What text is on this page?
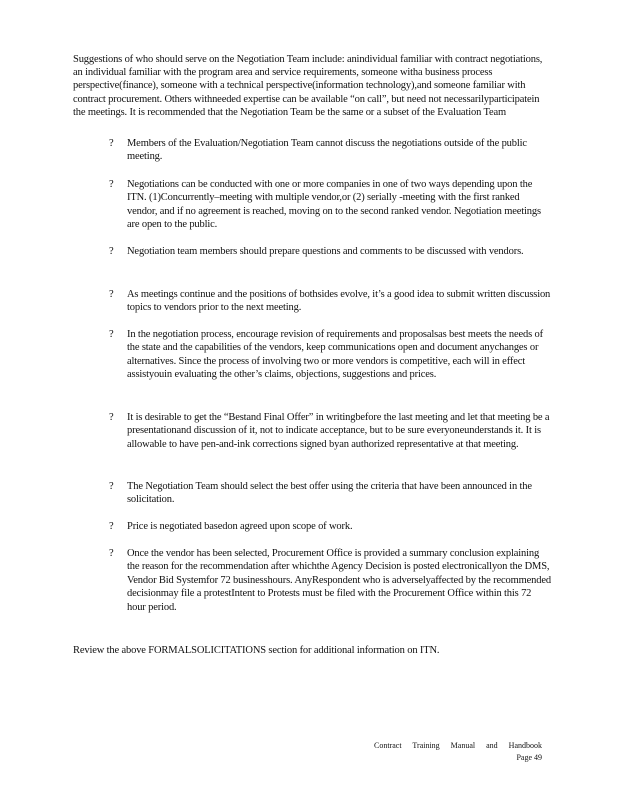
Suggestions of who should serve on the Negotiation Team include: anindividual familiar with contract negotiations, an individual familiar with the program area and service requirements, someone witha business process perspective(finance), someone with a technical perspective(information technology),and someone familiar with contract procurement. Others withneeded expertise can be available “on call”, but need not necessarilyparticipatein the meetings. It is recommended that the Negotiation Team be the same or a subset of the Evaluation Team

? Members of the Evaluation/Negotiation Team cannot discuss the negotiations outside of the public meeting.
? Negotiations can be conducted with one or more companies in one of two ways depending upon the ITN. (1)Concurrently–meeting with multiple vendor,or (2) serially -meeting with the first ranked vendor, and if no agreement is reached, moving on to the second ranked vendor. Negotiation meetings are open to the public.
? Negotiation team members should prepare questions and comments to be discussed with vendors.
? As meetings continue and the positions of bothsides evolve, it’s a good idea to submit written discussion topics to vendors prior to the next meeting.
? In the negotiation process, encourage revision of requirements and proposalsas best meets the needs of the state and the capabilities of the vendors, keep communications open and document anychanges or alternatives. Since the process of involving two or more vendors is competitive, each will in effect assistyouin evaluating the other’s claims, objections, suggestions and prices.
? It is desirable to get the “Bestand Final Offer” in writingbefore the last meeting and let that meeting be a presentationand discussion of it, not to indicate acceptance, but to be sure everyoneunderstands it. It is allowable to have pen-and-ink corrections signed byan authorized representative at that meeting.
? The Negotiation Team should select the best offer using the criteria that have been announced in the solicitation.
? Price is negotiated basedon agreed upon scope of work.
? Once the vendor has been selected, Procurement Office is provided a summary conclusion explaining the reason for the recommendation after whichthe Agency Decision is posted electronicallyon the DMS, Vendor Bid Systemfor 72 businesshours. AnyRespondent who is adverselyaffected by the recommended decisionmay file a protestIntent to Protests must be filed with the Procurement Office within this 72 hour period.

Review the above FORMALSOLICITATIONS section for additional information on ITN.

Contract Training Manual and Handbook
Page 49
